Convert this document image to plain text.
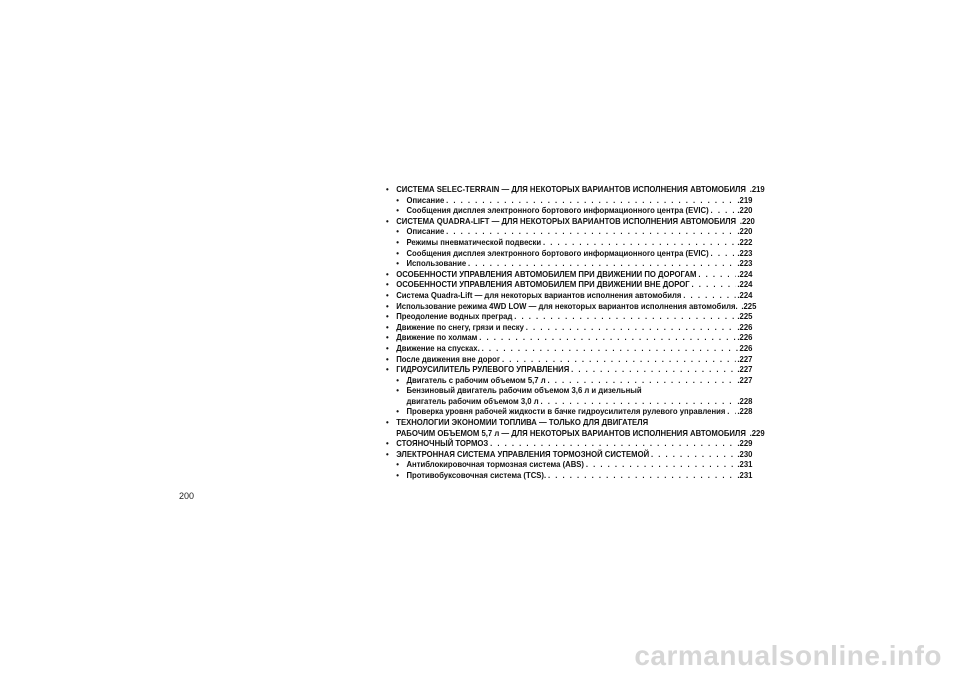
• СИСТЕМА SELEC-TERRAIN — ДЛЯ НЕКОТОРЫХ ВАРИАНТОВ ИСПОЛНЕНИЯ АВТОМОБИЛЯ .219
• Описание . . .	.219
• Сообщения дисплея электронного бортового информационного центра (EVIC) . . .	.220
• СИСТЕМА QUADRA-LIFT — ДЛЯ НЕКОТОРЫХ ВАРИАНТОВ ИСПОЛНЕНИЯ АВТОМОБИЛЯ .220
• Описание . . .	.220
• Режимы пневматической подвески . . .	.222
• Сообщения дисплея электронного бортового информационного центра (EVIC) . . .	.223
• Использование . . .	.223
• ОСОБЕННОСТИ УПРАВЛЕНИЯ АВТОМОБИЛЕМ ПРИ ДВИЖЕНИИ ПО ДОРОГАМ . . .	.224
• ОСОБЕННОСТИ УПРАВЛЕНИЯ АВТОМОБИЛЕМ ПРИ ДВИЖЕНИИ ВНЕ ДОРОГ . . .	.224
• Система Quadra-Lift — для некоторых вариантов исполнения автомобиля . . .	.224
• Использование режима 4WD LOW — для некоторых вариантов исполнения автомобиля. .225
• Преодоление водных преград . . .	.225
• Движение по снегу, грязи и песку . . .	.226
• Движение по холмам . . .	.226
• Движение на спусках. . . .	226
• После движения вне дорог . . .	.227
• ГИДРОУСИЛИТЕЛЬ РУЛЕВОГО УПРАВЛЕНИЯ . . .	.227
• Двигатель с рабочим объемом 5,7 л . . .	.227
• Бензиновый двигатель рабочим объемом 3,6 л и дизельный
двигатель рабочим объемом 3,0 л . . .	.228
• Проверка уровня рабочей жидкости в бачке гидроусилителя рулевого управления . . . .228
• ТЕХНОЛОГИИ ЭКОНОМИИ ТОПЛИВА — ТОЛЬКО ДЛЯ ДВИГАТЕЛЯ
РАБОЧИМ ОБЪЕМОМ 5,7 л — ДЛЯ НЕКОТОРЫХ ВАРИАНТОВ ИСПОЛНЕНИЯ АВТОМОБИЛЯ .229
• СТОЯНОЧНЫЙ ТОРМОЗ . . .	.229
• ЭЛЕКТРОННАЯ СИСТЕМА УПРАВЛЕНИЯ ТОРМОЗНОЙ СИСТЕМОЙ . . .	.230
• Антиблокировочная тормозная система (ABS) . . .	.231
• Противобуксовочная система (TCS). . . .	.231
200
carmanualsonline.info
